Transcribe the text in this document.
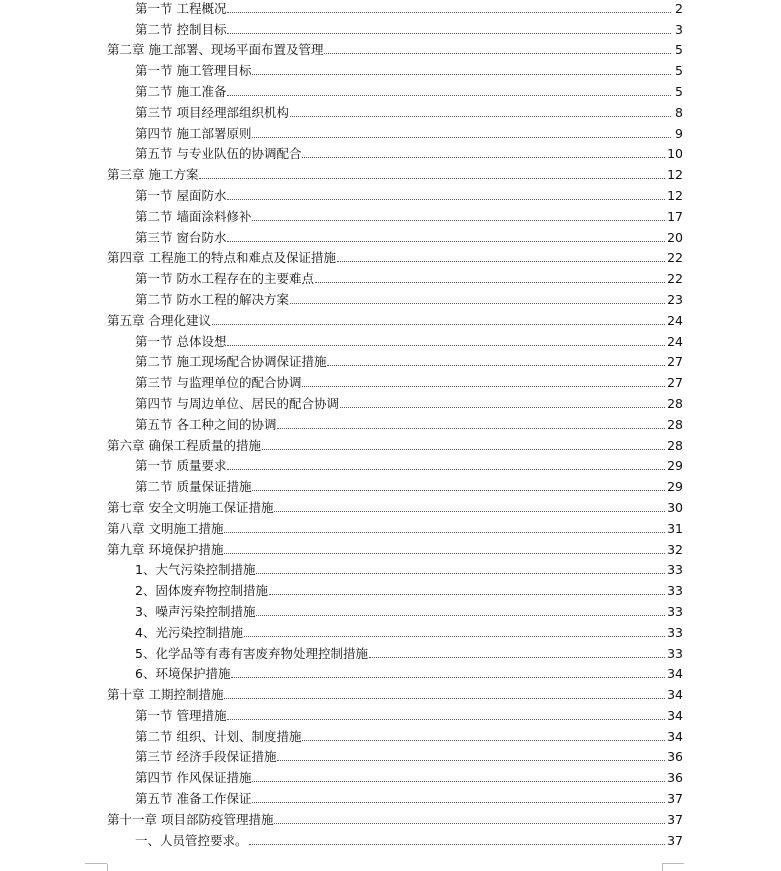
第一节 工程概况	2
第二节 控制目标	3
第二章 施工部署、现场平面布置及管理	5
第一节 施工管理目标	5
第二节 施工准备	5
第三节 项目经理部组织机构	8
第四节 施工部署原则	9
第五节 与专业队伍的协调配合	10
第三章 施工方案	12
第一节 屋面防水	12
第二节 墙面涂料修补	17
第三节 窗台防水	20
第四章 工程施工的特点和难点及保证措施	22
第一节 防水工程存在的主要难点	22
第二节 防水工程的解决方案	23
第五章 合理化建议	24
第一节 总体设想	24
第二节 施工现场配合协调保证措施	27
第三节 与监理单位的配合协调	27
第四节 与周边单位、居民的配合协调	28
第五节 各工种之间的协调	28
第六章 确保工程质量的措施	28
第一节 质量要求	29
第二节 质量保证措施	29
第七章 安全文明施工保证措施	30
第八章 文明施工措施	31
第九章 环境保护措施	32
1、大气污染控制措施	33
2、固体废弃物控制措施	33
3、噪声污染控制措施	33
4、光污染控制措施	33
5、化学品等有毒有害废弃物处理控制措施	33
6、环境保护措施	34
第十章 工期控制措施	34
第一节 管理措施	34
第二节 组织、计划、制度措施	34
第三节 经济手段保证措施	36
第四节 作风保证措施	36
第五节 准备工作保证	37
第十一章 项目部防疫管理措施	37
一、人员管控要求。	37
